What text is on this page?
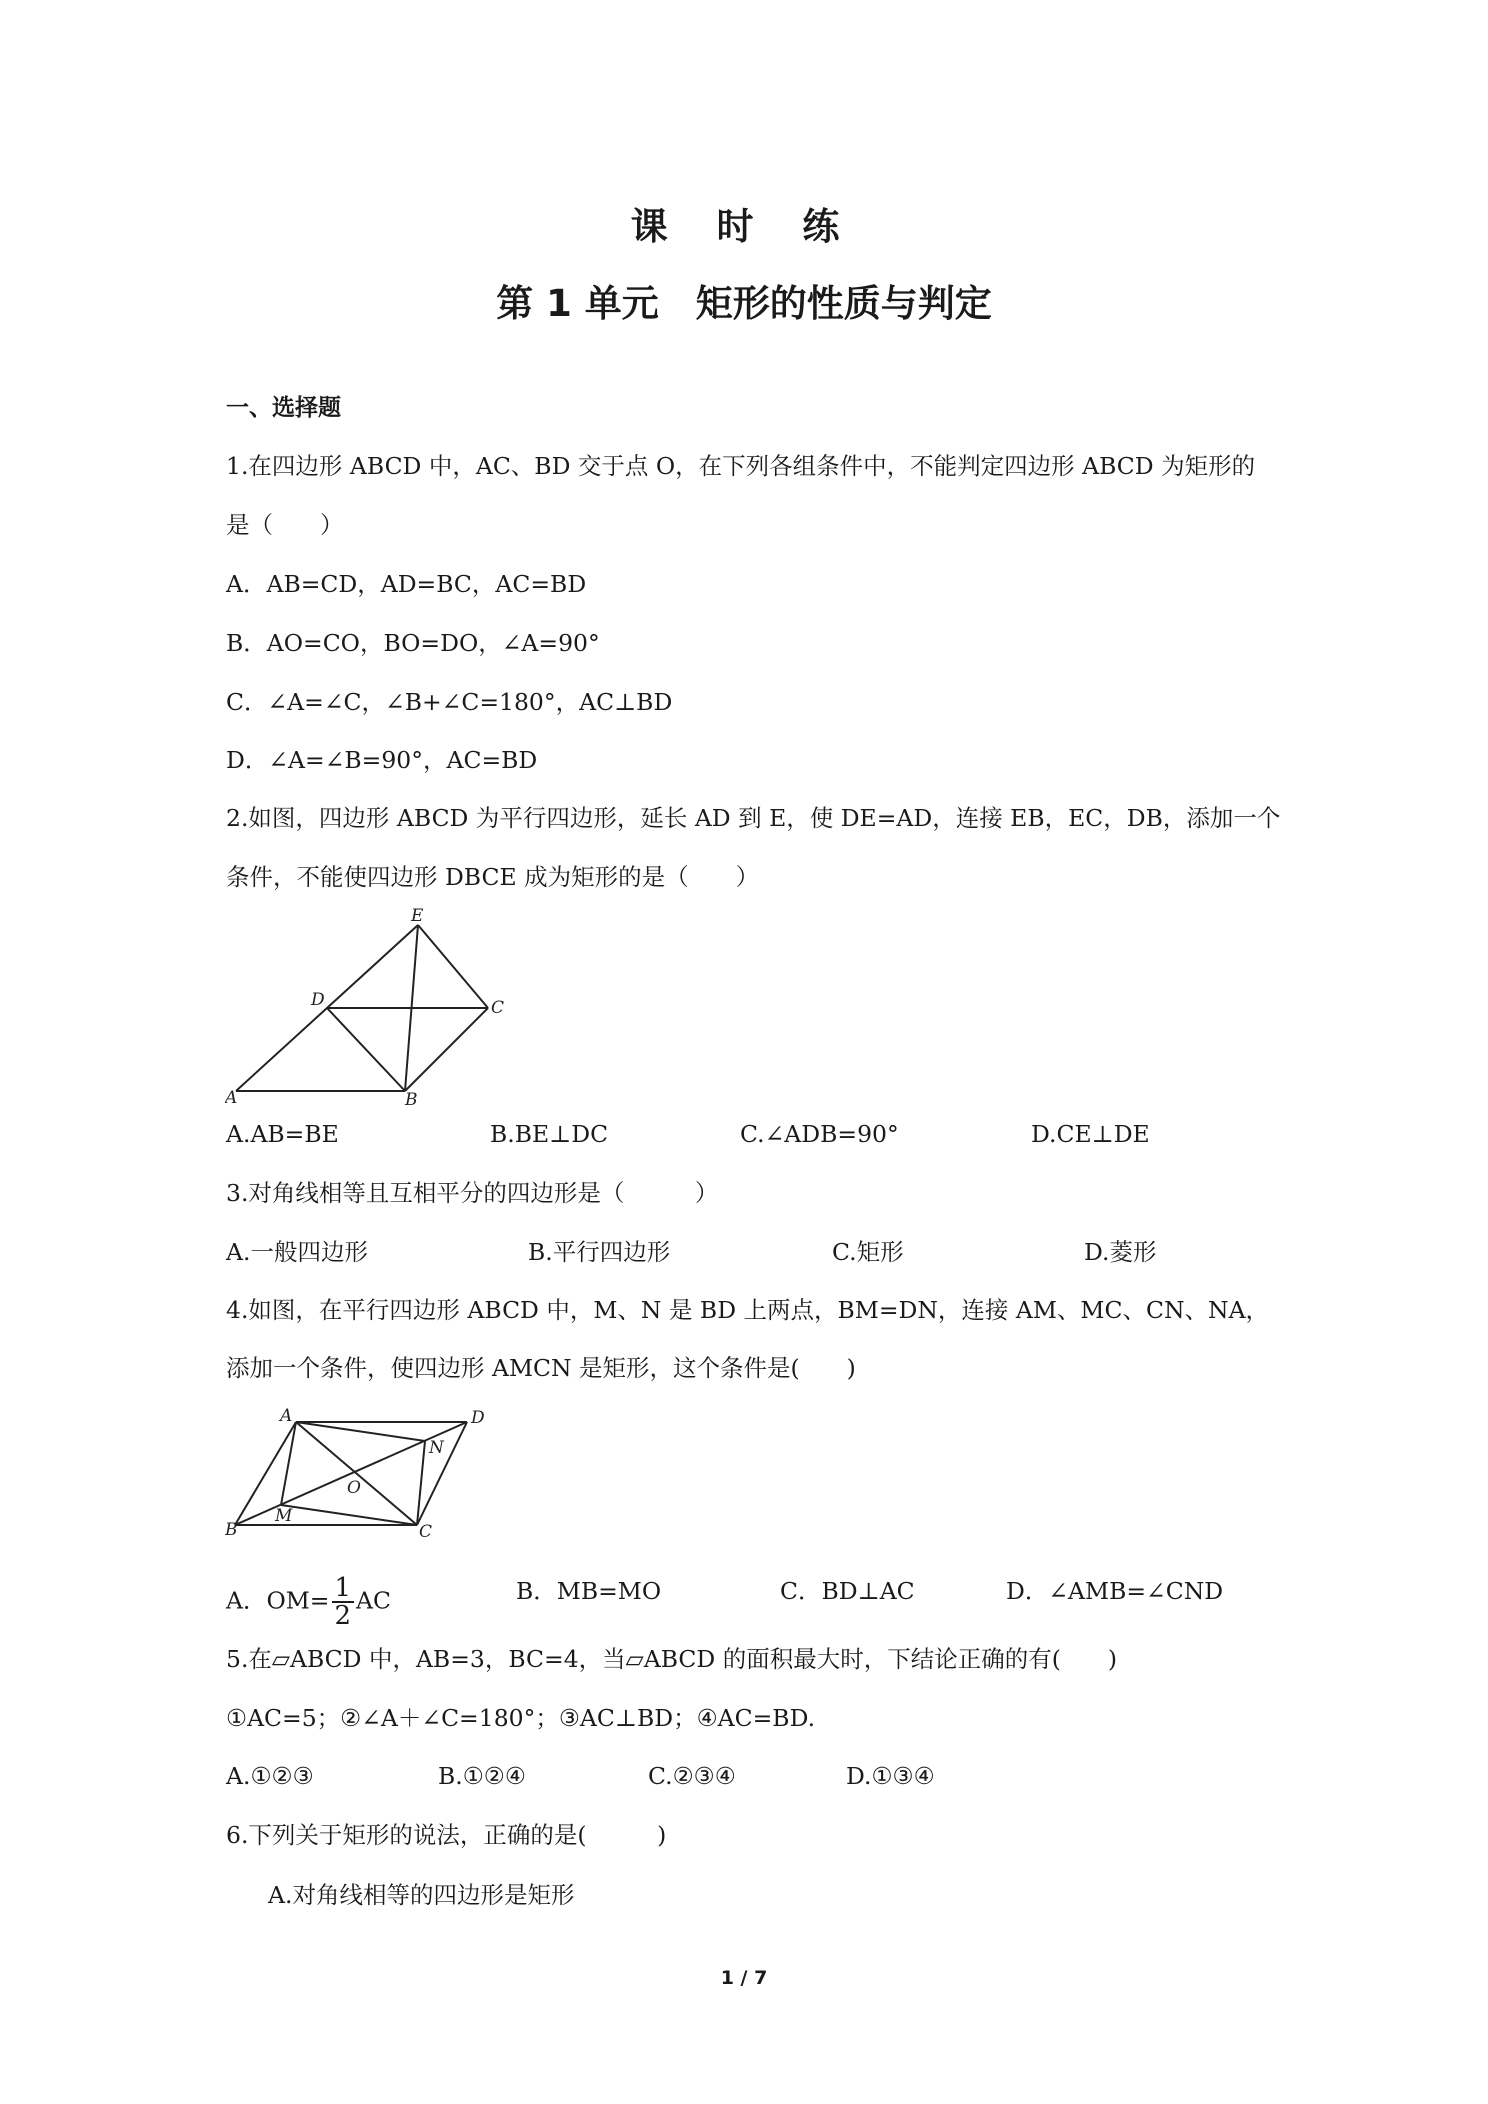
课 时 练
第 1 单元　矩形的性质与判定
一、选择题
1.在四边形 ABCD 中，AC、BD 交于点 O，在下列各组条件中，不能判定四边形 ABCD 为矩形的
是（　　）
A．AB=CD，AD=BC，AC=BD
B．AO=CO，BO=DO，∠A=90°
C．∠A=∠C，∠B+∠C=180°，AC⊥BD
D．∠A=∠B=90°，AC=BD
2.如图，四边形 ABCD 为平行四边形，延长 AD 到 E，使 DE=AD，连接 EB，EC，DB，添加一个
条件，不能使四边形 DBCE 成为矩形的是（　　）
A	B
C
D
E
A.AB=BE	B.BE⊥DC	C.∠ADB=90°	D.CE⊥DE
3.对角线相等且互相平分的四边形是（　　　）
A.一般四边形	B.平行四边形	C.矩形	D.菱形
4.如图，在平行四边形 ABCD 中，M、N 是 BD 上两点，BM=DN，连接 AM、MC、CN、NA，
添加一个条件，使四边形 AMCN 是矩形，这个条件是(　　)
A
B	C
D
M
N
O
A．$OM= \frac{1}{2}$ AC	B．MB=MO	C．BD⊥AC	D．∠AMB=∠CND
5.在▱ABCD 中，AB=3，BC=4，当▱ABCD 的面积最大时，下结论正确的有(　　)
①AC=5；②∠A＋∠C=180°；③AC⊥BD；④AC=BD.
A.①②③	B.①②④	C.②③④	D.①③④
6.下列关于矩形的说法，正确的是(　　　)
A.对角线相等的四边形是矩形
1 / 7
